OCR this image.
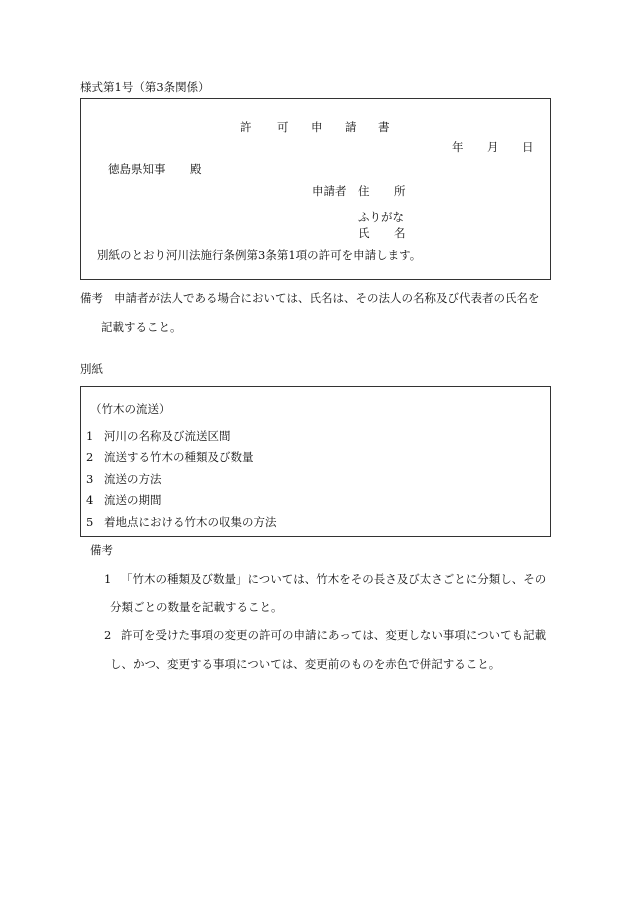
様式第1号（第3条関係）
許 可 申 請 書
年 月 日
徳島県知事 殿
申請者 住 所
ふりがな
氏 名
別紙のとおり河川法施行条例第3条第1項の許可を申請します。
備考 申請者が法人である場合においては、氏名は、その法人の名称及び代表者の氏名を
記載すること。
別紙
（竹木の流送）
1 河川の名称及び流送区間
2 流送する竹木の種類及び数量
3 流送の方法
4 流送の期間
5 着地点における竹木の収集の方法
備考
1 「竹木の種類及び数量」については、竹木をその長さ及び太さごとに分類し、その
分類ごとの数量を記載すること。
2 許可を受けた事項の変更の許可の申請にあっては、変更しない事項についても記載
し、かつ、変更する事項については、変更前のものを赤色で併記すること。
